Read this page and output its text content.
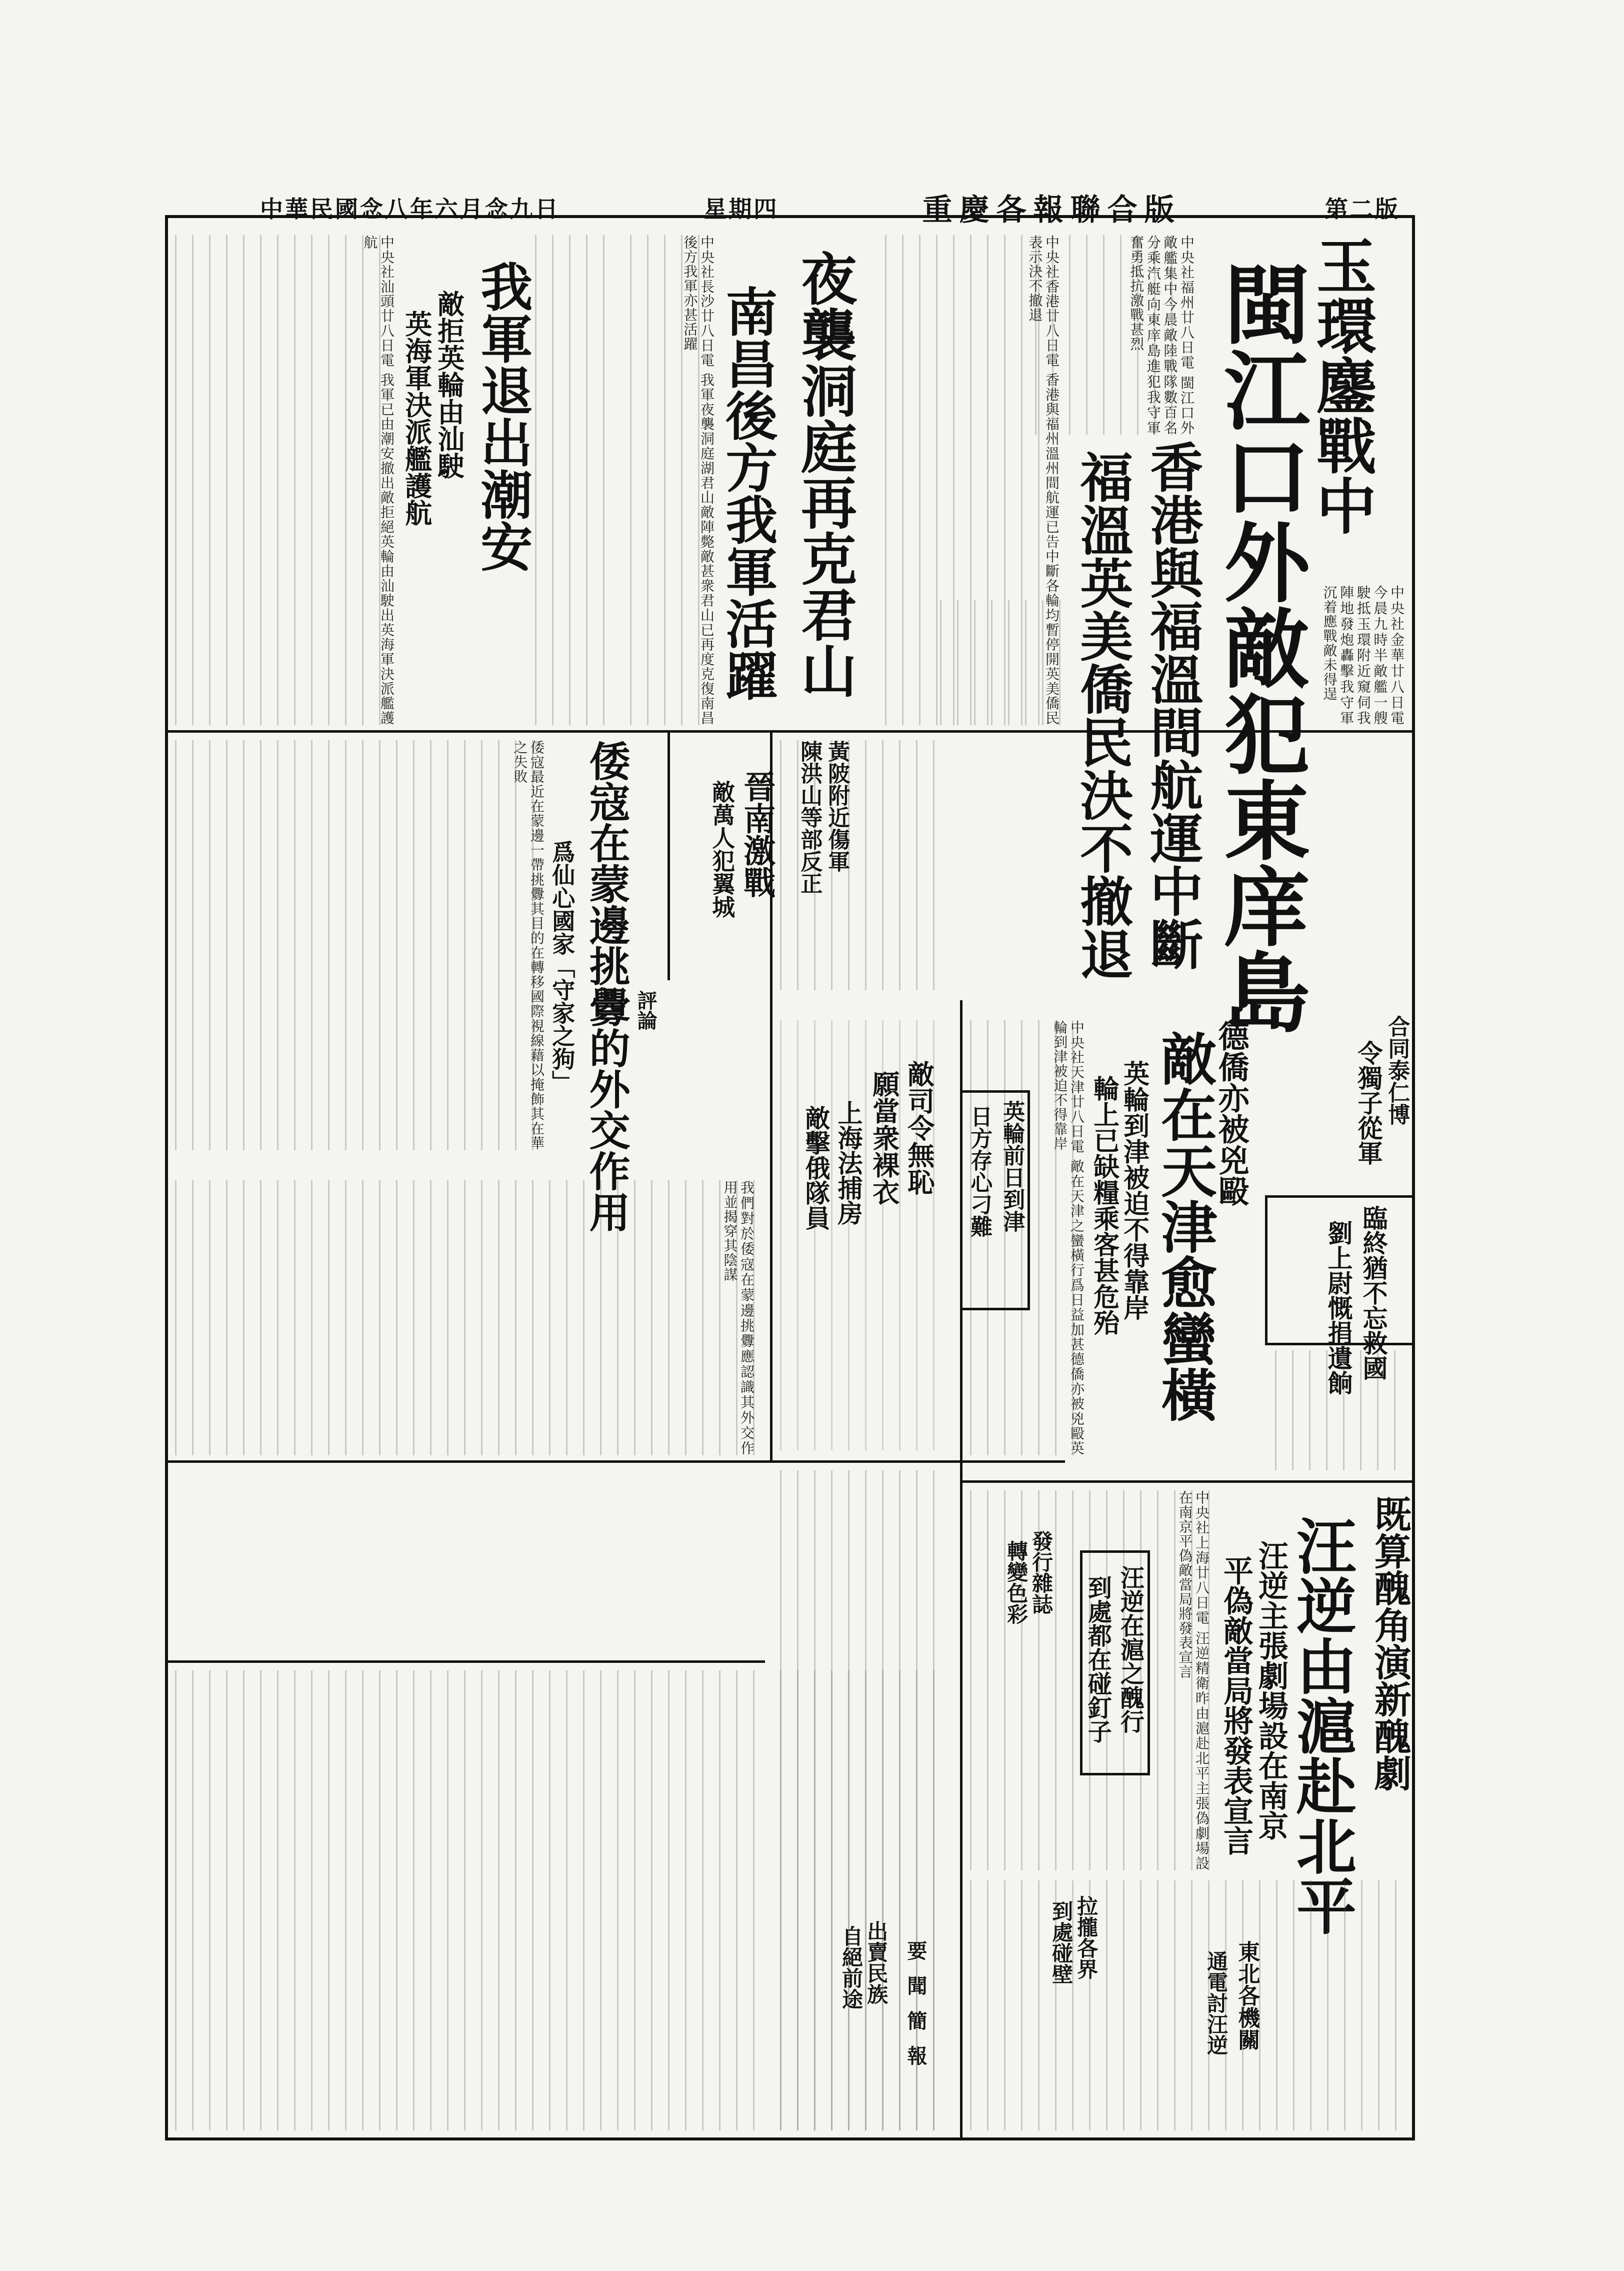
中華民國念八年六月念九日	星期四	重慶各報聯合版	第二版
玉環鏖戰中
閩江口外敵犯東庠島
香港與福溫間航運中斷
福溫英美僑民決不撤退	中央社金華廿八日電 今晨九時半敵艦一艘駛抵玉環附近窺伺我陣地發炮轟擊我守軍沉着應戰敵未得逞
中央社福州廿八日電 閩江口外敵艦集中今晨敵陸戰隊數百名分乘汽艇向東庠島進犯我守軍奮勇抵抗激戰甚烈
中央社香港廿八日電 香港與福州溫州間航運已告中斷各輪均暫停開英美僑民表示決不撤退
夜襲洞庭再克君山
南昌後方我軍活躍
中央社長沙廿八日電 我軍夜襲洞庭湖君山敵陣斃敵甚衆君山已再度克復南昌後方我軍亦甚活躍
我軍退出潮安
敵拒英輪由汕駛
英海軍決派艦護航
中央社汕頭廿八日電 我軍已由潮安撤出敵拒絕英輪由汕駛出英海軍決派艦護航
評論
倭寇在蒙邊挑釁的外交作用
爲仙心國家「守家之狗」
倭寇最近在蒙邊一帶挑釁其目的在轉移國際視線藉以掩飾其在華之失敗
我們對於倭寇在蒙邊挑釁應認識其外交作用並揭穿其陰謀
晉南激戰
敵萬人犯翼城	黃陂附近傷軍
陳洪山等部反正
德僑亦被兇毆
敵在天津愈蠻橫
英輪到津被迫不得靠岸
輪上已缺糧乘客甚危殆
中央社天津廿八日電 敵在天津之蠻橫行爲日益加甚德僑亦被兇毆英輪到津被迫不得靠岸
英輪前日到津
日方存心刁難
敵司令無恥
願當衆裸衣
上海法捕房
敵擊俄隊員
合同泰仁博
令獨子從軍
臨終猶不忘救國
劉上尉慨捐遺餉
既算醜角演新醜劇
汪逆由滬赴北平
汪逆主張劇場設在南京
平偽敵當局將發表宣言
中央社上海廿八日電 汪逆精衛昨由滬赴北平主張偽劇場設在南京平偽敵當局將發表宣言
汪逆在滬之醜行
到處都在碰釘子
發行雜誌
轉變色彩
拉攏各界
到處碰壁
出賣民族
自絕前途 要聞簡報	東北各機關
通電討汪逆
